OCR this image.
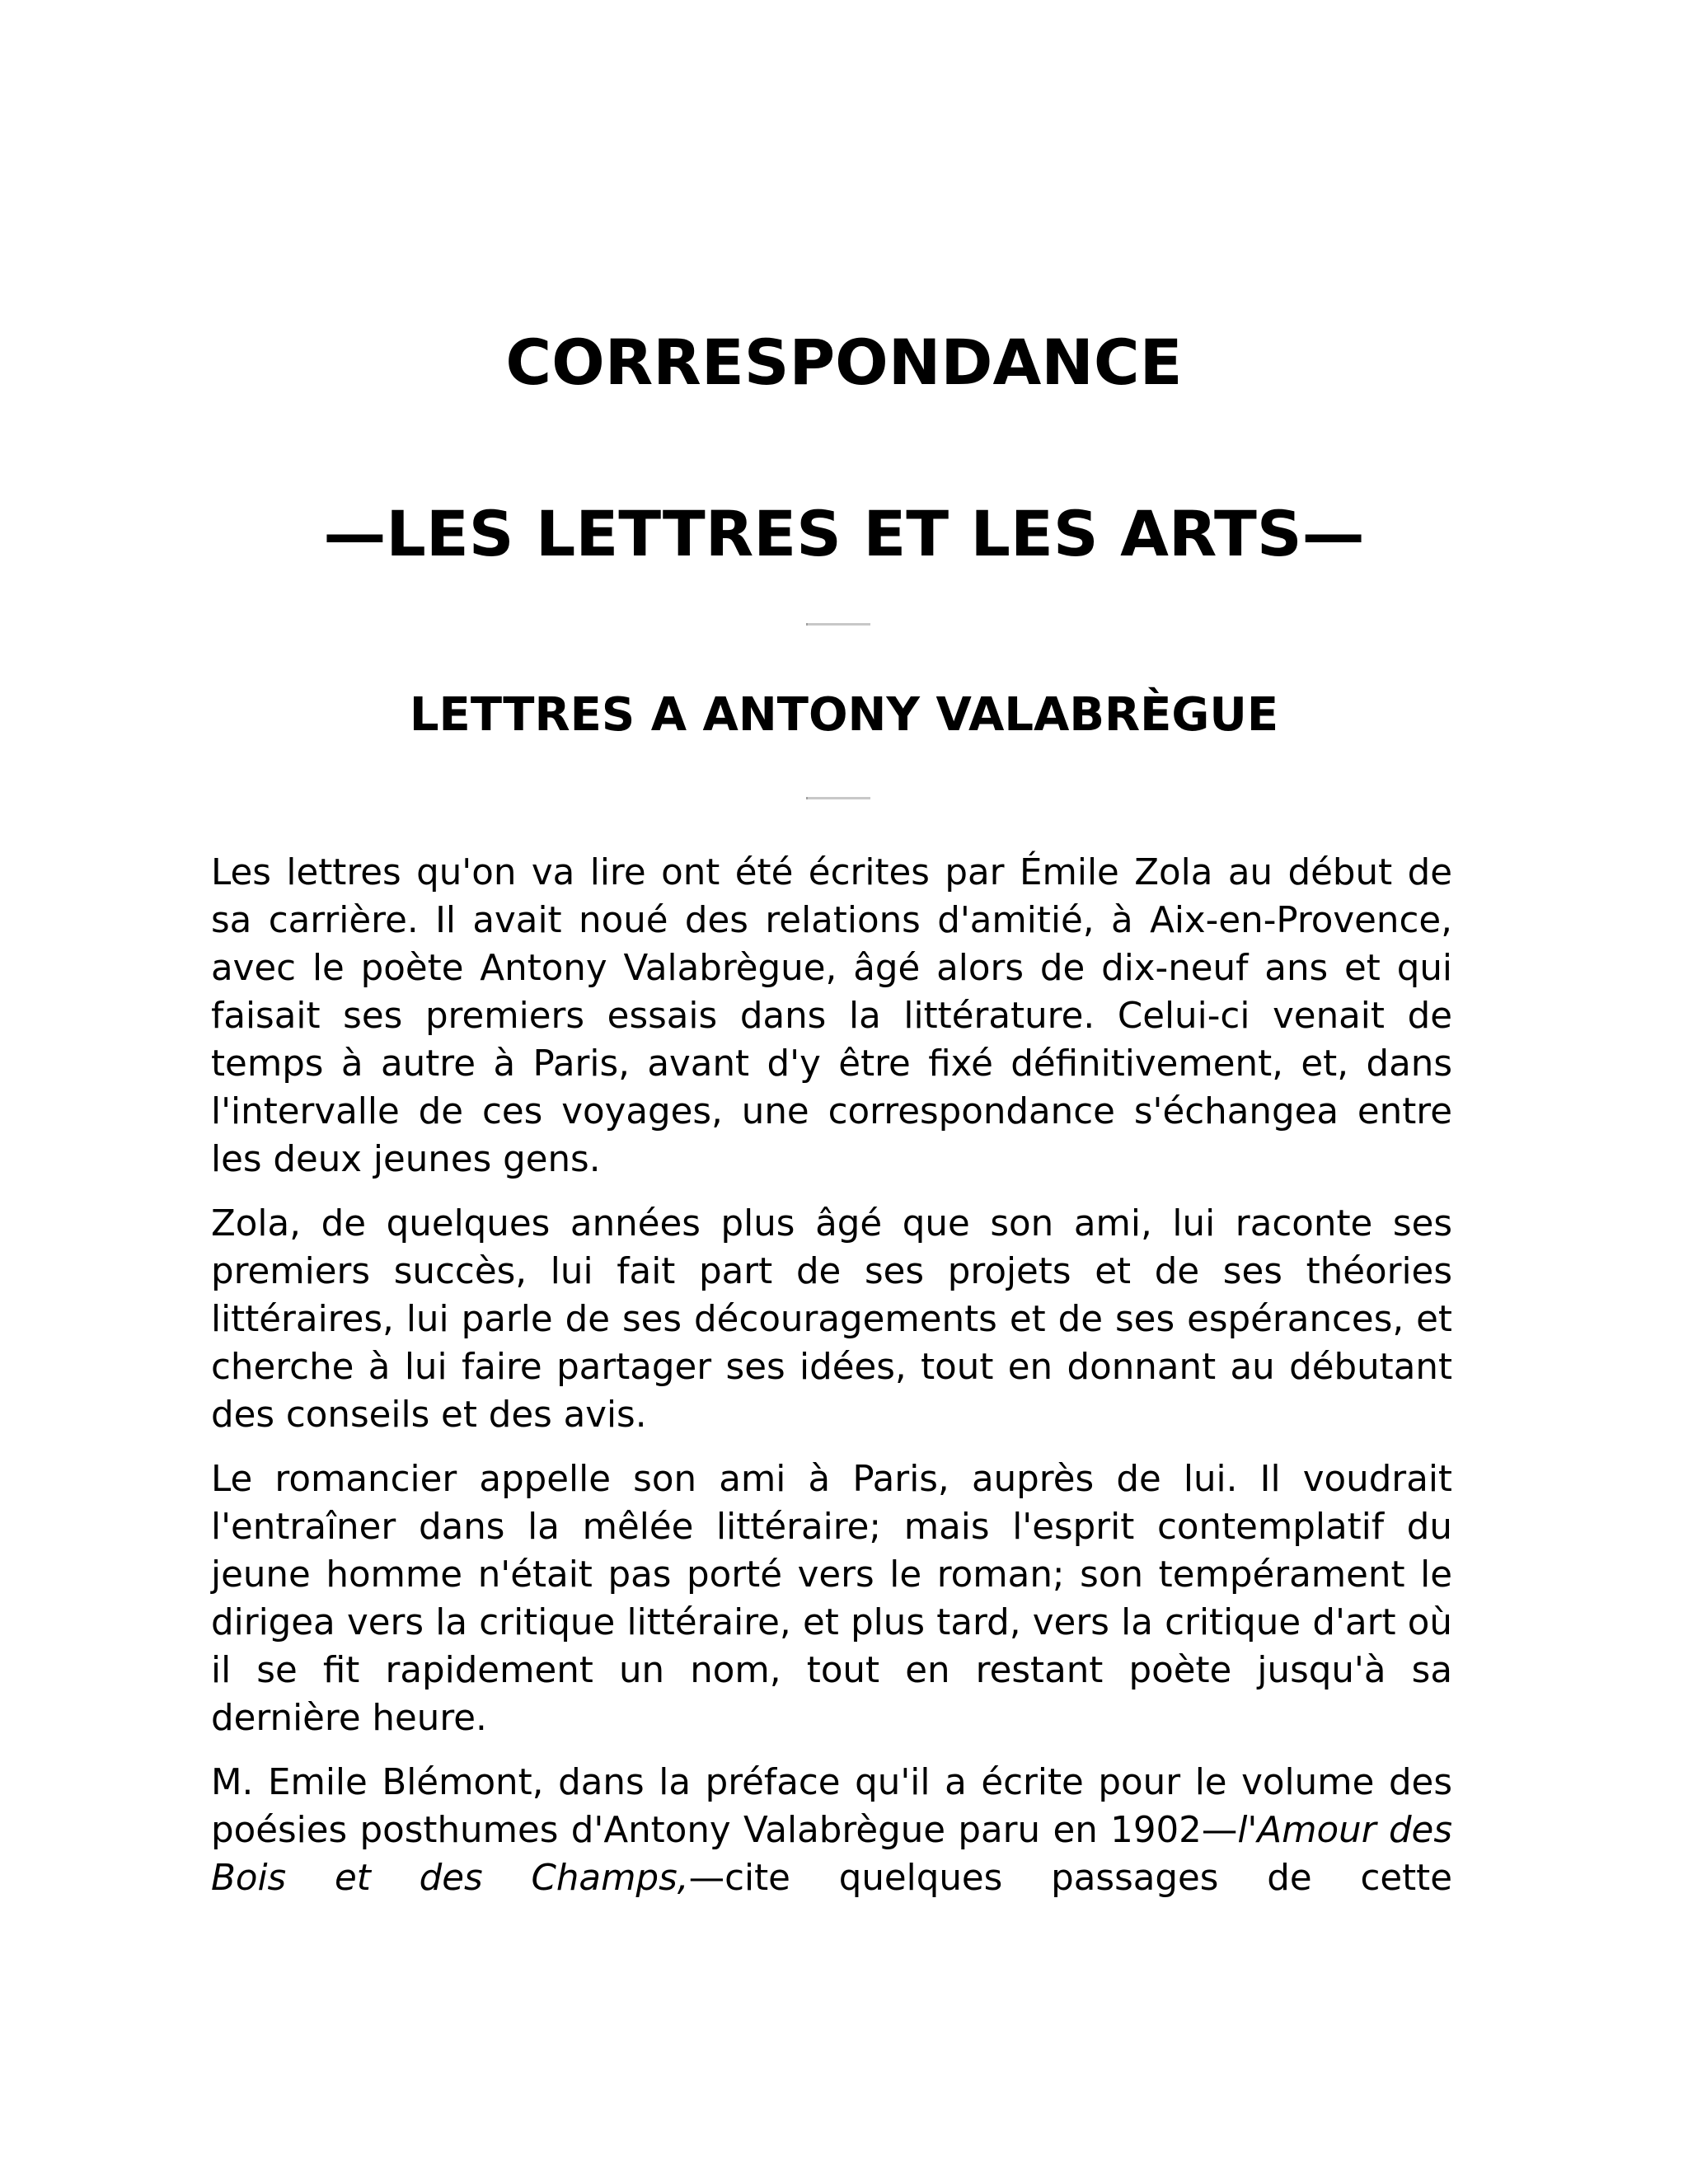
CORRESPONDANCE
—LES LETTRES ET LES ARTS—
LETTRES A ANTONY VALABRÈGUE

Les lettres qu'on va lire ont été écrites par Émile Zola au début de sa carrière. Il avait noué des relations d'amitié, à Aix-en-Provence, avec le poète Antony Valabrègue, âgé alors de dix-neuf ans et qui faisait ses premiers essais dans la littérature. Celui-ci venait de temps à autre à Paris, avant d'y être fixé définitivement, et, dans l'intervalle de ces voyages, une correspondance s'échangea entre les deux jeunes gens.

Zola, de quelques années plus âgé que son ami, lui raconte ses premiers succès, lui fait part de ses projets et de ses théories littéraires, lui parle de ses découragements et de ses espérances, et cherche à lui faire partager ses idées, tout en donnant au débutant des conseils et des avis.

Le romancier appelle son ami à Paris, auprès de lui. Il voudrait l'entraîner dans la mêlée littéraire; mais l'esprit contemplatif du jeune homme n'était pas porté vers le roman; son tempérament le dirigea vers la critique littéraire, et plus tard, vers la critique d'art où il se fit rapidement un nom, tout en restant poète jusqu'à sa dernière heure.

M. Emile Blémont, dans la préface qu'il a écrite pour le volume des poésies posthumes d'Antony Valabrègue paru en 1902—l'Amour des Bois et des Champs,—cite quelques passages de cette
